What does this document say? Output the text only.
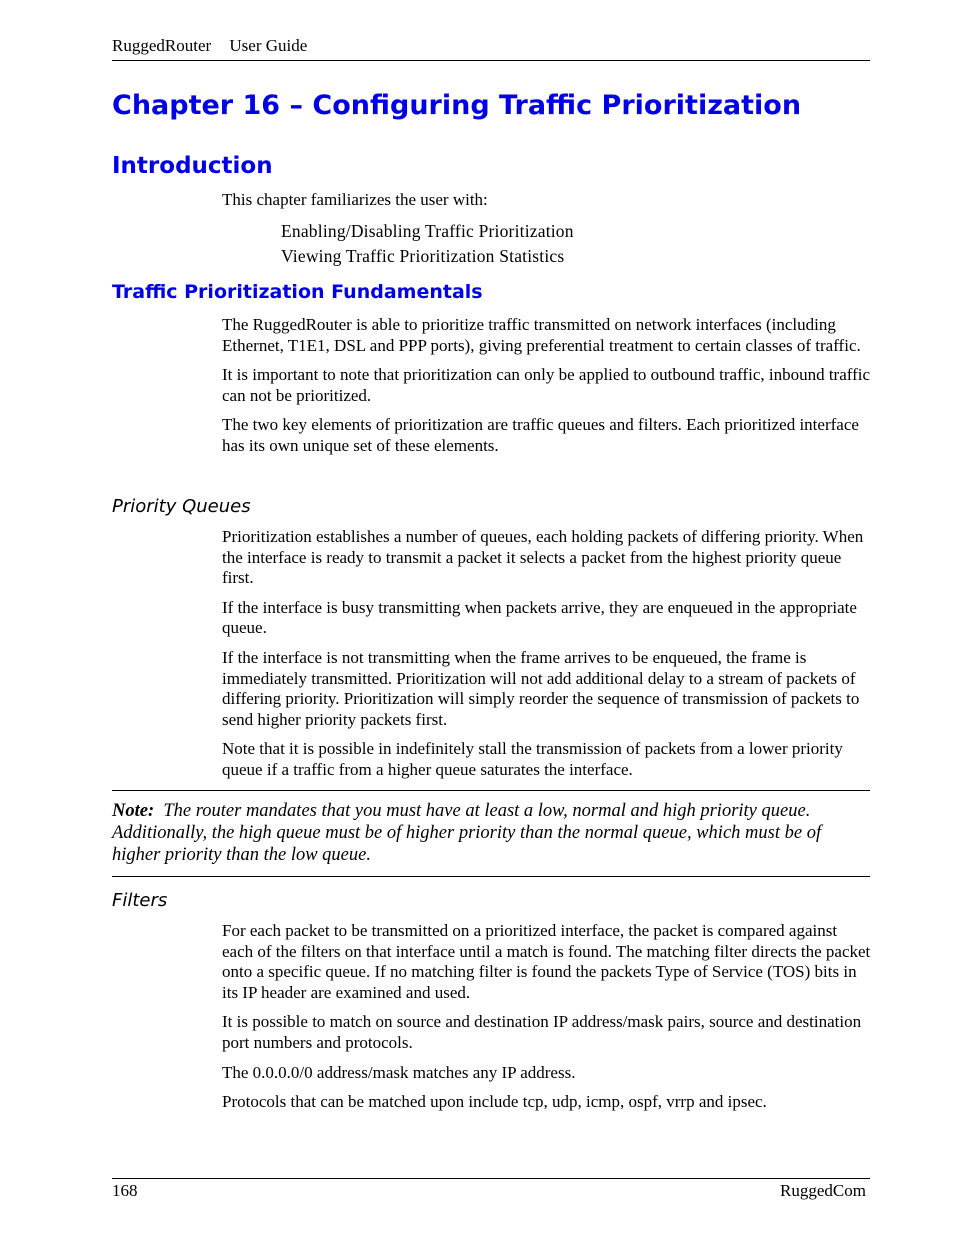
RuggedRouter User Guide
Chapter 16 – Configuring Traffic Prioritization
Introduction
This chapter familiarizes the user with:
Enabling/Disabling Traffic Prioritization
Viewing Traffic Prioritization Statistics
Traffic Prioritization Fundamentals

The RuggedRouter is able to prioritize traffic transmitted on network interfaces (including Ethernet, T1E1, DSL and PPP ports), giving preferential treatment to certain classes of traffic.

It is important to note that prioritization can only be applied to outbound traffic, inbound traffic can not be prioritized.

The two key elements of prioritization are traffic queues and filters. Each prioritized interface has its own unique set of these elements.

Priority Queues

Prioritization establishes a number of queues, each holding packets of differing priority. When the interface is ready to transmit a packet it selects a packet from the highest priority queue first.

If the interface is busy transmitting when packets arrive, they are enqueued in the appropriate queue.

If the interface is not transmitting when the frame arrives to be enqueued, the frame is immediately transmitted. Prioritization will not add additional delay to a stream of packets of differing priority. Prioritization will simply reorder the sequence of transmission of packets to send higher priority packets first.

Note that it is possible in indefinitely stall the transmission of packets from a lower priority queue if a traffic from a higher queue saturates the interface.

Note: The router mandates that you must have at least a low, normal and high priority queue. Additionally, the high queue must be of higher priority than the normal queue, which must be of higher priority than the low queue.
Filters

For each packet to be transmitted on a prioritized interface, the packet is compared against each of the filters on that interface until a match is found. The matching filter directs the packet onto a specific queue. If no matching filter is found the packets Type of Service (TOS) bits in its IP header are examined and used.

It is possible to match on source and destination IP address/mask pairs, source and destination port numbers and protocols.

The 0.0.0.0/0 address/mask matches any IP address.

Protocols that can be matched upon include tcp, udp, icmp, ospf, vrrp and ipsec.

168	RuggedCom
